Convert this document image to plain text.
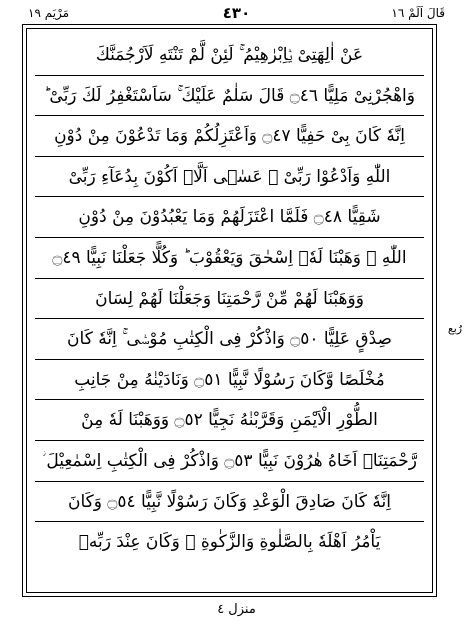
مَرْيَم ١٩	٤٣٠	قَالَ اَلَمْ ١٦
عَنْ اٰلِهَتِىْ يٰۤاِبْرٰهِيْمُ ۚ لَئِنْ لَّمْ تَنْتَهِ لَاَرْجُمَنَّكَ
وَاهْجُرْنِىْ مَلِيًّا ۝٤٦ قَالَ سَلٰمٌ عَلَيْكَ ۚ سَاَسْتَغْفِرُ لَكَ رَبِّىْ ؕ
اِنَّهٗ كَانَ بِىْ حَفِيًّا ۝٤٧ وَاَعْتَزِلُكُمْ وَمَا تَدْعُوْنَ مِنْ دُوْنِ
اللّٰهِ وَاَدْعُوْا رَبِّىْ ۖ عَسٰۤى اَلَّاۤ اَكُوْنَ بِدُعَآءِ رَبِّىْ
شَقِيًّا ۝٤٨ فَلَمَّا اعْتَزَلَهُمْ وَمَا يَعْبُدُوْنَ مِنْ دُوْنِ
اللّٰهِ ۙ وَهَبْنَا لَهٗۤ اِسْحٰقَ وَيَعْقُوْبَ ؕ وَكُلًّا جَعَلْنَا نَبِيًّا ۝٤٩
وَوَهَبْنَا لَهُمْ مِّنْ رَّحْمَتِنَا وَجَعَلْنَا لَهُمْ لِسَانَ
صِدْقٍ عَلِيًّا ۝٥٠ وَاذْكُرْ فِى الْكِتٰبِ مُوْسٰۤى ۚ اِنَّهٗ كَانَ
مُخْلَصًا وَّكَانَ رَسُوْلًا نَّبِيًّا ۝٥١ وَنَادَيْنٰهُ مِنْ جَانِبِ
الطُّوْرِ الْاَيْمَنِ وَقَرَّبْنٰهُ نَجِيًّا ۝٥٢ وَوَهَبْنَا لَهٗ مِنْ
رَّحْمَتِنَاۤ اَخَاهُ هٰرُوْنَ نَبِيًّا ۝٥٣ وَاذْكُرْ فِى الْكِتٰبِ اِسْمٰعِيْلَ ؗ
اِنَّهٗ كَانَ صَادِقَ الْوَعْدِ وَكَانَ رَسُوْلًا نَّبِيًّا ۝٥٤ وَكَانَ
يَاْمُرُ اَهْلَهٗ بِالصَّلٰوةِ وَالزَّكٰوةِ ۪ وَكَانَ عِنْدَ رَبِّهٖ
رُبع
منزل ٤
